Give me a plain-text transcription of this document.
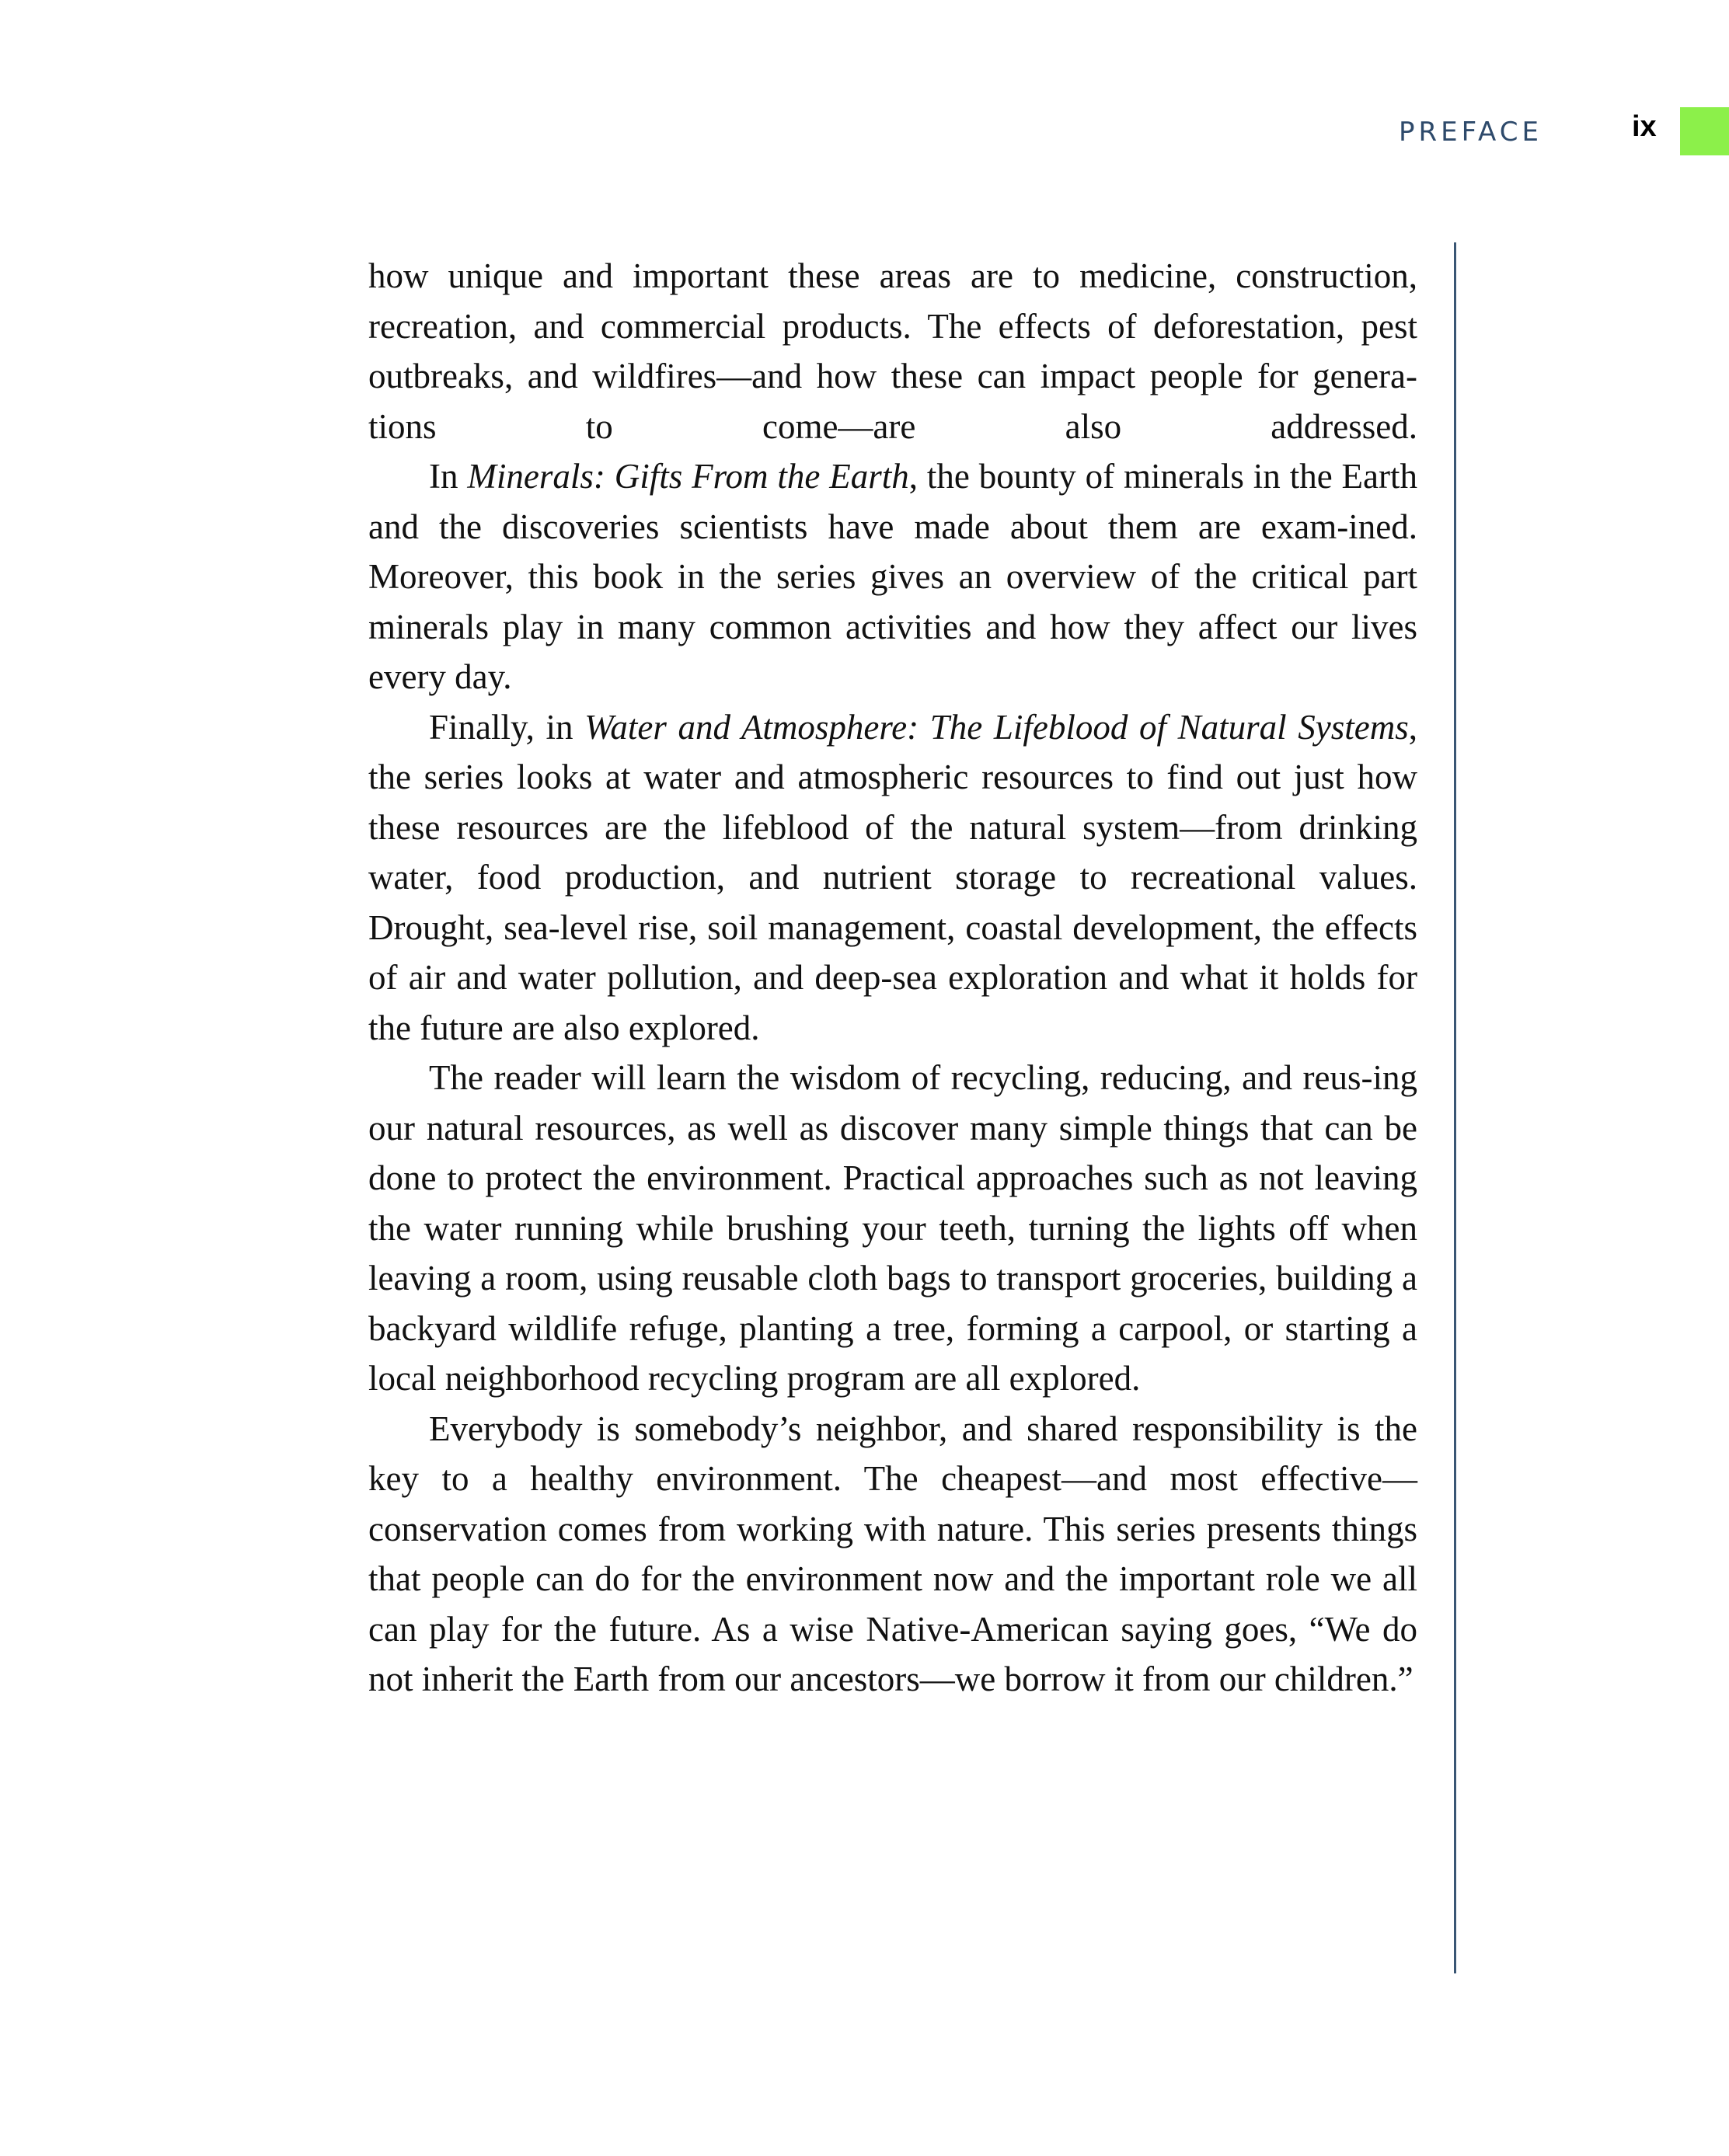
PREFACE	ix

how unique and important these areas are to medicine, construction, recreation, and commercial products. The effects of deforestation, pest outbreaks, and wildfires—and how these can impact people for genera-tions to come—are also addressed.

In Minerals: Gifts From the Earth, the bounty of minerals in the Earth and the discoveries scientists have made about them are exam-ined. Moreover, this book in the series gives an overview of the critical part minerals play in many common activities and how they affect our lives every day.

Finally, in Water and Atmosphere: The Lifeblood of Natural Systems, the series looks at water and atmospheric resources to find out just how these resources are the lifeblood of the natural system—from drinking water, food production, and nutrient storage to recreational values. Drought, sea-level rise, soil management, coastal development, the effects of air and water pollution, and deep-sea exploration and what it holds for the future are also explored.

The reader will learn the wisdom of recycling, reducing, and reus-ing our natural resources, as well as discover many simple things that can be done to protect the environment. Practical approaches such as not leaving the water running while brushing your teeth, turning the lights off when leaving a room, using reusable cloth bags to transport groceries, building a backyard wildlife refuge, planting a tree, forming a carpool, or starting a local neighborhood recycling program are all explored.

Everybody is somebody’s neighbor, and shared responsibility is the key to a healthy environment. The cheapest—and most effective—conservation comes from working with nature. This series presents things that people can do for the environment now and the important role we all can play for the future. As a wise Native-American saying goes, “We do not inherit the Earth from our ancestors—we borrow it from our children.”
